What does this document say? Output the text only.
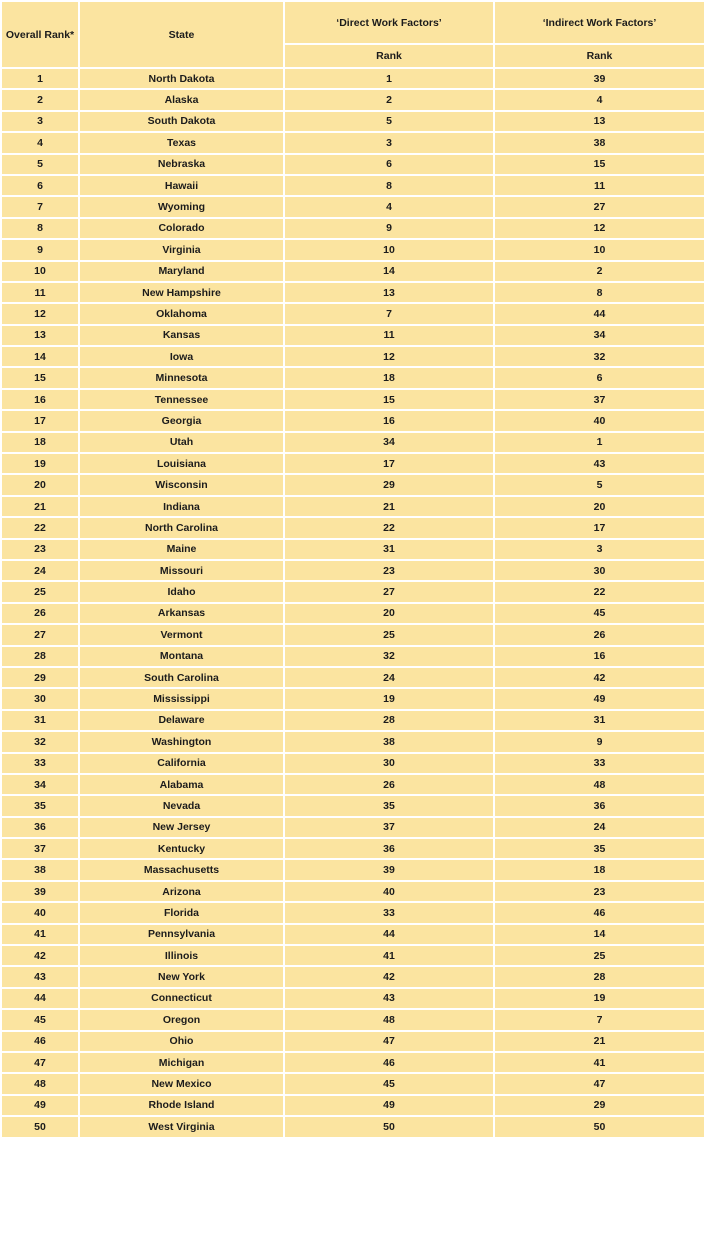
Overall Rank*	State	‘Direct Work Factors’	‘Indirect Work Factors’
		Rank	Rank
1	North Dakota	1	39
2	Alaska	2	4
3	South Dakota	5	13
4	Texas	3	38
5	Nebraska	6	15
6	Hawaii	8	11
7	Wyoming	4	27
8	Colorado	9	12
9	Virginia	10	10
10	Maryland	14	2
11	New Hampshire	13	8
12	Oklahoma	7	44
13	Kansas	11	34
14	Iowa	12	32
15	Minnesota	18	6
16	Tennessee	15	37
17	Georgia	16	40
18	Utah	34	1
19	Louisiana	17	43
20	Wisconsin	29	5
21	Indiana	21	20
22	North Carolina	22	17
23	Maine	31	3
24	Missouri	23	30
25	Idaho	27	22
26	Arkansas	20	45
27	Vermont	25	26
28	Montana	32	16
29	South Carolina	24	42
30	Mississippi	19	49
31	Delaware	28	31
32	Washington	38	9
33	California	30	33
34	Alabama	26	48
35	Nevada	35	36
36	New Jersey	37	24
37	Kentucky	36	35
38	Massachusetts	39	18
39	Arizona	40	23
40	Florida	33	46
41	Pennsylvania	44	14
42	Illinois	41	25
43	New York	42	28
44	Connecticut	43	19
45	Oregon	48	7
46	Ohio	47	21
47	Michigan	46	41
48	New Mexico	45	47
49	Rhode Island	49	29
50	West Virginia	50	50
